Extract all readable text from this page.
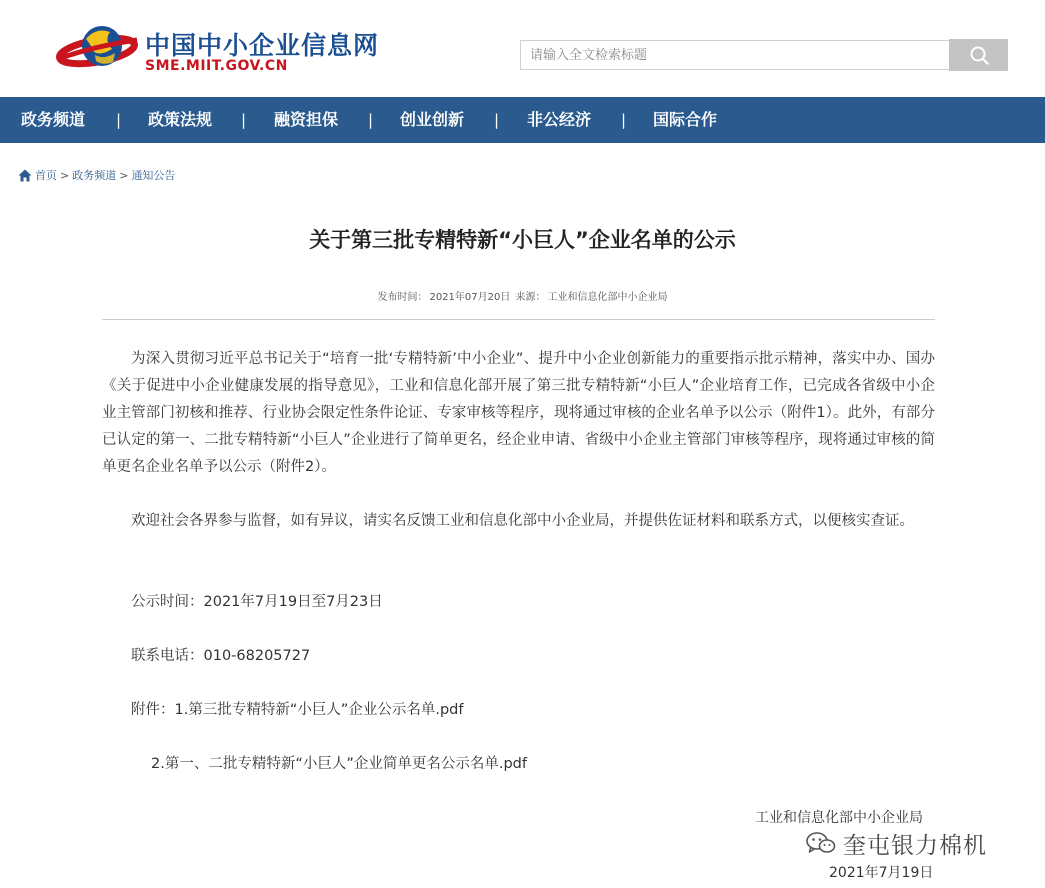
中国中小企业信息网
SME.MIIT.GOV.CN
请输入全文检索标题
政务频道 | 政策法规 | 融资担保 | 创业创新 | 非公经济 | 国际合作
首页 > 政务频道 > 通知公告
关于第三批专精特新“小巨人”企业名单的公示
发布时间： 2021年07月20日 来源： 工业和信息化部中小企业局

为深入贯彻习近平总书记关于“培育一批‘专精特新’中小企业”、提升中小企业创新能力的重要指示批示精神，落实中办、国办《关于促进中小企业健康发展的指导意见》，工业和信息化部开展了第三批专精特新“小巨人”企业培育工作，已完成各省级中小企业主管部门初核和推荐、行业协会限定性条件论证、专家审核等程序，现将通过审核的企业名单予以公示（附件1）。此外，有部分已认定的第一、二批专精特新“小巨人”企业进行了简单更名，经企业申请、省级中小企业主管部门审核等程序，现将通过审核的简单更名企业名单予以公示（附件2）。

欢迎社会各界参与监督，如有异议，请实名反馈工业和信息化部中小企业局，并提供佐证材料和联系方式，以便核实查证。

公示时间：2021年7月19日至7月23日
联系电话：010-68205727
附件：1.第三批专精特新“小巨人”企业公示名单.pdf
2.第一、二批专精特新“小巨人”企业简单更名公示名单.pdf
工业和信息化部中小企业局
奎屯银力棉机
2021年7月19日
